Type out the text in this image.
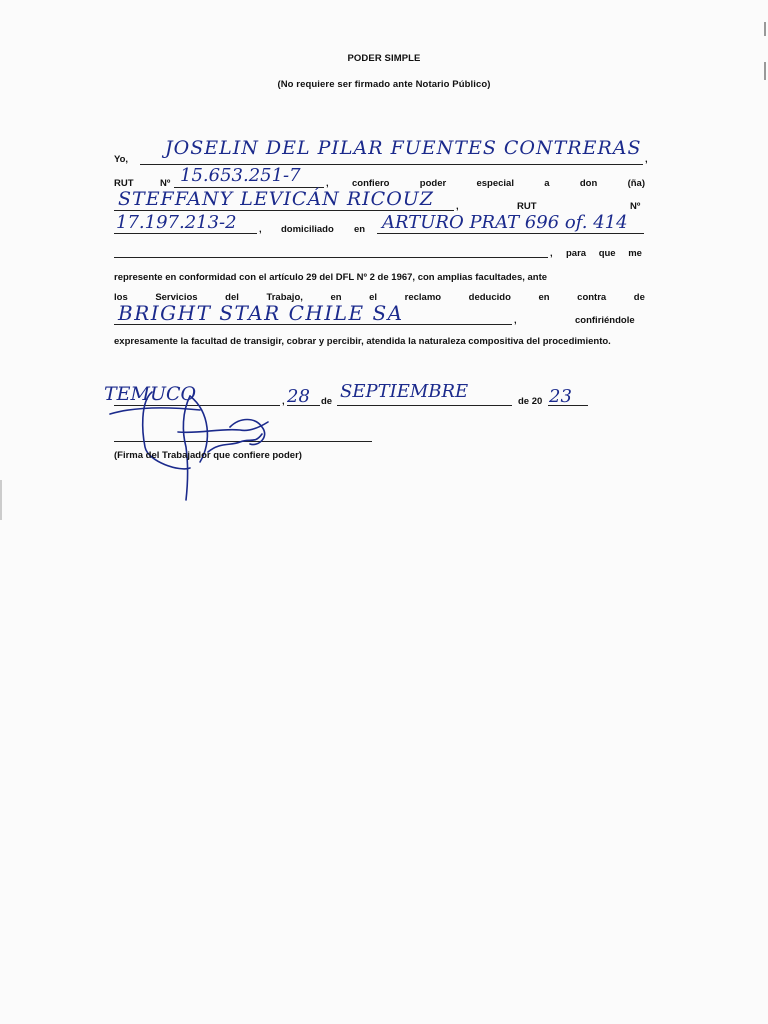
PODER SIMPLE
(No requiere ser firmado ante Notario Público)
Yo,
JOSELIN DEL PILAR FUENTES CONTRERAS
,
RUT	Nº 15.653.251-7	, confiero	poder	especial	a	don	(ña)
STEFFANY LEVICÁN RICOUZ ,	RUT	Nº
17.197.213-2 , domiciliado en ARTURO PRAT 696 of. 414
, para que me
represente en conformidad con el artículo 29 del DFL Nº 2 de 1967, con amplias facultades, ante
los	Servicios	del	Trabajo,	en	el	reclamo	deducido	en	contra	de
BRIGHT STAR CHILE SA	,	confiriéndole
expresamente la facultad de transigir, cobrar y percibir, atendida la naturaleza compositiva del procedimiento.
TEMUCO	, 28 de SEPTIEMBRE	de 20 23
(Firma del Trabajador que confiere poder)
